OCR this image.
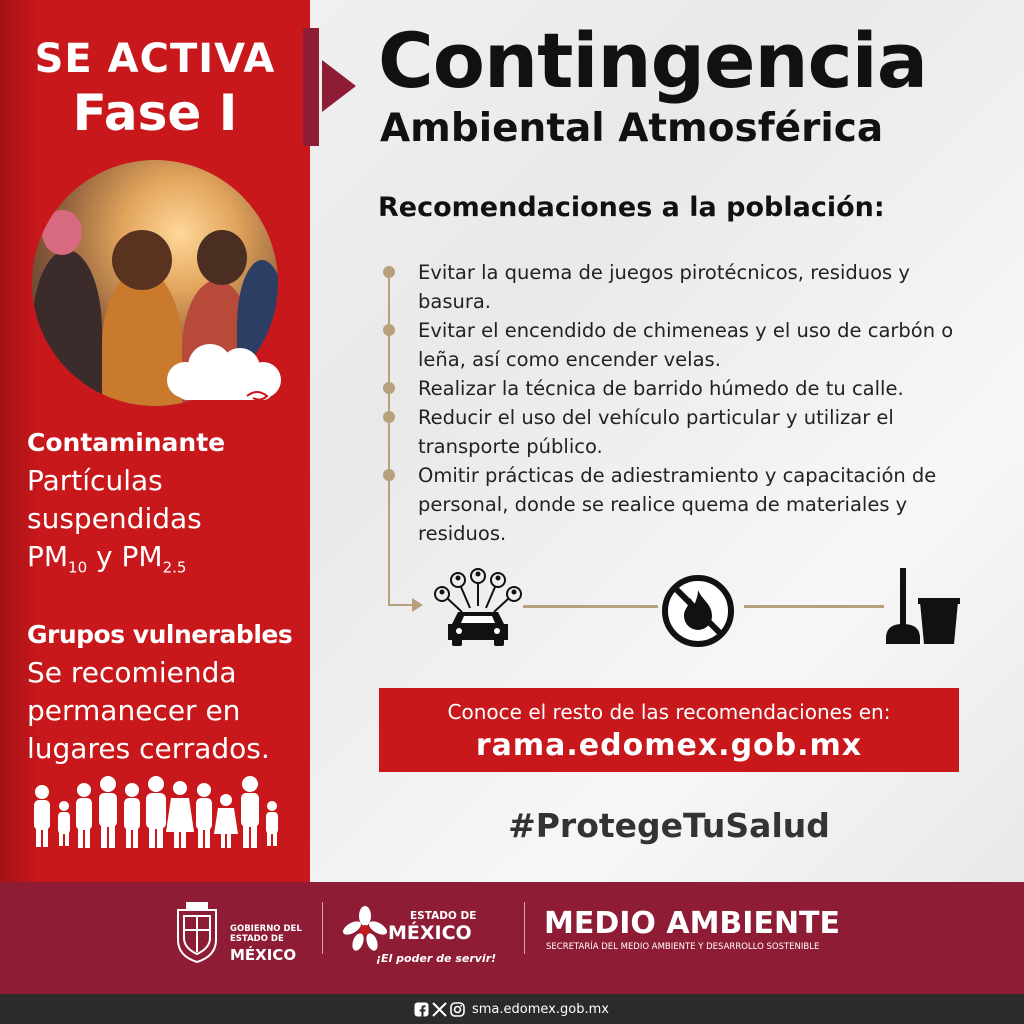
SE ACTIVA
Fase I
Contaminante
Partículas
suspendidas
$PM_{10}$ y $PM_{2.5}$
Grupos vulnerables
Se recomienda
permanecer en
lugares cerrados.
Contingencia
Ambiental Atmosférica
Recomendaciones a la población:
Evitar la quema de juegos pirotécnicos, residuos y basura.
Evitar el encendido de chimeneas y el uso de carbón o leña, así como encender velas.
Realizar la técnica de barrido húmedo de tu calle.
Reducir el uso del vehículo particular y utilizar el transporte público.
Omitir prácticas de adiestramiento y capacitación de personal, donde se realice quema de materiales y residuos.
Conoce el resto de las recomendaciones en:
rama.edomex.gob.mx
#ProtegeTuSalud
GOBIERNO DEL
ESTADO DE
MÉXICO
ESTADO DE
MÉXICO
¡El poder de servir!
MEDIO AMBIENTE
SECRETARÍA DEL MEDIO AMBIENTE Y DESARROLLO SOSTENIBLE
sma.edomex.gob.mx
